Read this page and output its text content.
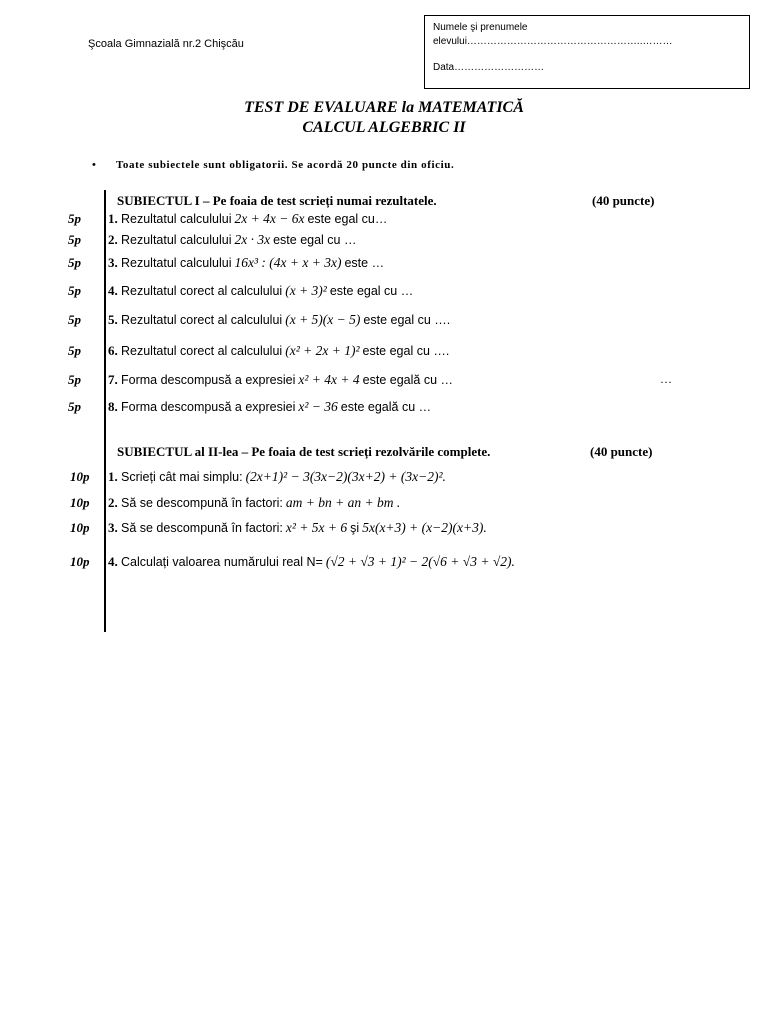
Şcoala Gimnazială nr.2 Chişcău
Numele şi prenumele
elevului……………………………………………..………
Data………………………
TEST DE EVALUARE la MATEMATICĂ
CALCUL ALGEBRIC II
• Toate subiectele sunt obligatorii. Se acordă 20 puncte din oficiu.
SUBIECTUL I – Pe foaia de test scrieți numai rezultatele.	(40 puncte)
5p 1. Rezultatul calculului 2x + 4x − 6x este egal cu…
5p 2. Rezultatul calculului 2x · 3x este egal cu …
5p 3. Rezultatul calculului 16x³ : (4x + x + 3x) este …
5p 4. Rezultatul corect al calculului (x + 3)² este egal cu …
5p 5. Rezultatul corect al calculului (x + 5)(x − 5) este egal cu ….
5p 6. Rezultatul corect al calculului (x² + 2x + 1)² este egal cu ….
5p 7. Forma descompusă a expresiei x² + 4x + 4 este egală cu …	…
5p 8. Forma descompusă a expresiei x² − 36 este egală cu …
SUBIECTUL al II-lea – Pe foaia de test scrieți rezolvările complete.	(40 puncte)
10p 1. Scrieți cât mai simplu: (2x+1)² − 3(3x−2)(3x+2) + (3x−2)².
10p 2. Să se descompună în factori: am + bn + an + bm .
10p 3. Să se descompună în factori: x² + 5x + 6 şi 5x(x+3) + (x−2)(x+3).
10p 4. Calculați valoarea numărului real N= (√2 + √3 + 1)² − 2(√6 + √3 + √2).
